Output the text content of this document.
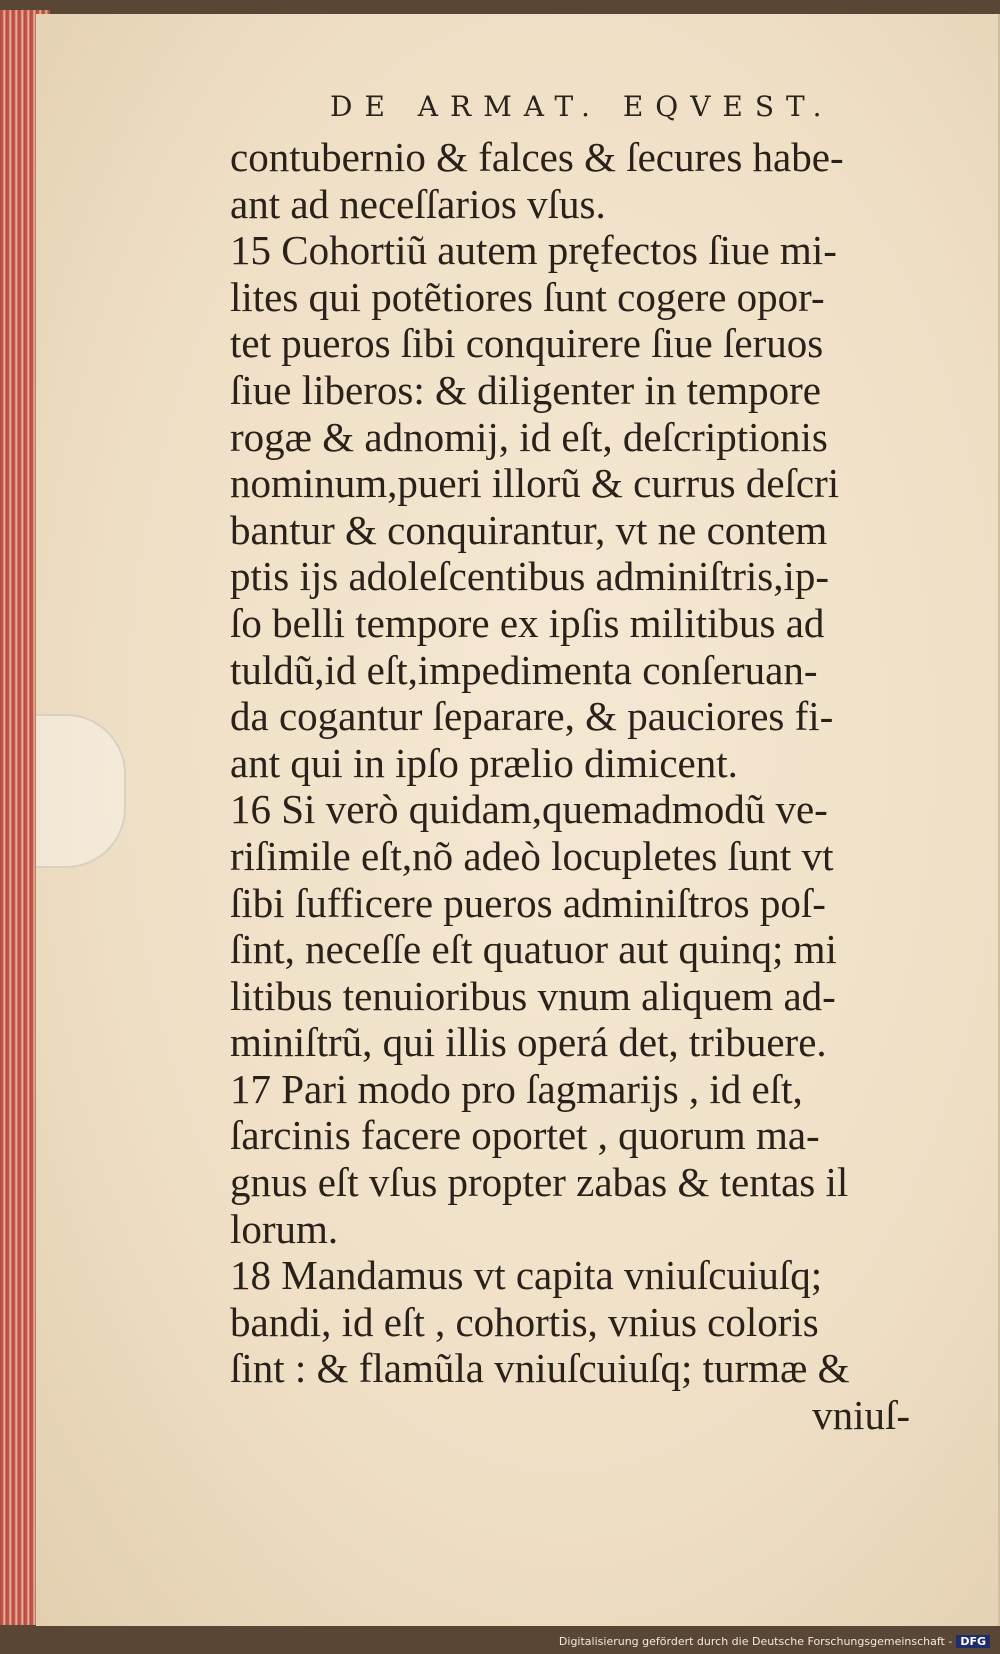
DE ARMAT. EQVEST.
contubernio & falces & ſecures habe-
ant ad neceſſarios vſus.
15 Cohortiũ autem pręfectos ſiue mi-
lites qui potẽtiores ſunt cogere opor-
tet pueros ſibi conquirere ſiue ſeruos
ſiue liberos: & diligenter in tempore
rogæ & adnomij, id eſt, deſcriptionis
nominum,pueri illorũ & currus deſcri
bantur & conquirantur, vt ne contem
ptis ijs adoleſcentibus adminiſtris,ip-
ſo belli tempore ex ipſis militibus ad
tuldũ,id eſt,impedimenta conſeruan-
da cogantur ſeparare, & pauciores fi-
ant qui in ipſo prælio dimicent.
16 Si verò quidam,quemadmodũ ve-
riſimile eſt,nõ adeò locupletes ſunt vt
ſibi ſufficere pueros adminiſtros poſ-
ſint, neceſſe eſt quatuor aut quinq; mi
litibus tenuioribus vnum aliquem ad-
miniſtrũ, qui illis operá det, tribuere.
17 Pari modo pro ſagmarijs , id eſt,
ſarcinis facere oportet , quorum ma-
gnus eſt vſus propter zabas & tentas il
lorum.
18 Mandamus vt capita vniuſcuiuſq;
bandi, id eſt , cohortis, vnius coloris
ſint : & flamũla vniuſcuiuſq; turmæ &
vniuſ-
Digitalisierung gefördert durch die Deutsche Forschungsgemeinschaft - DFG
